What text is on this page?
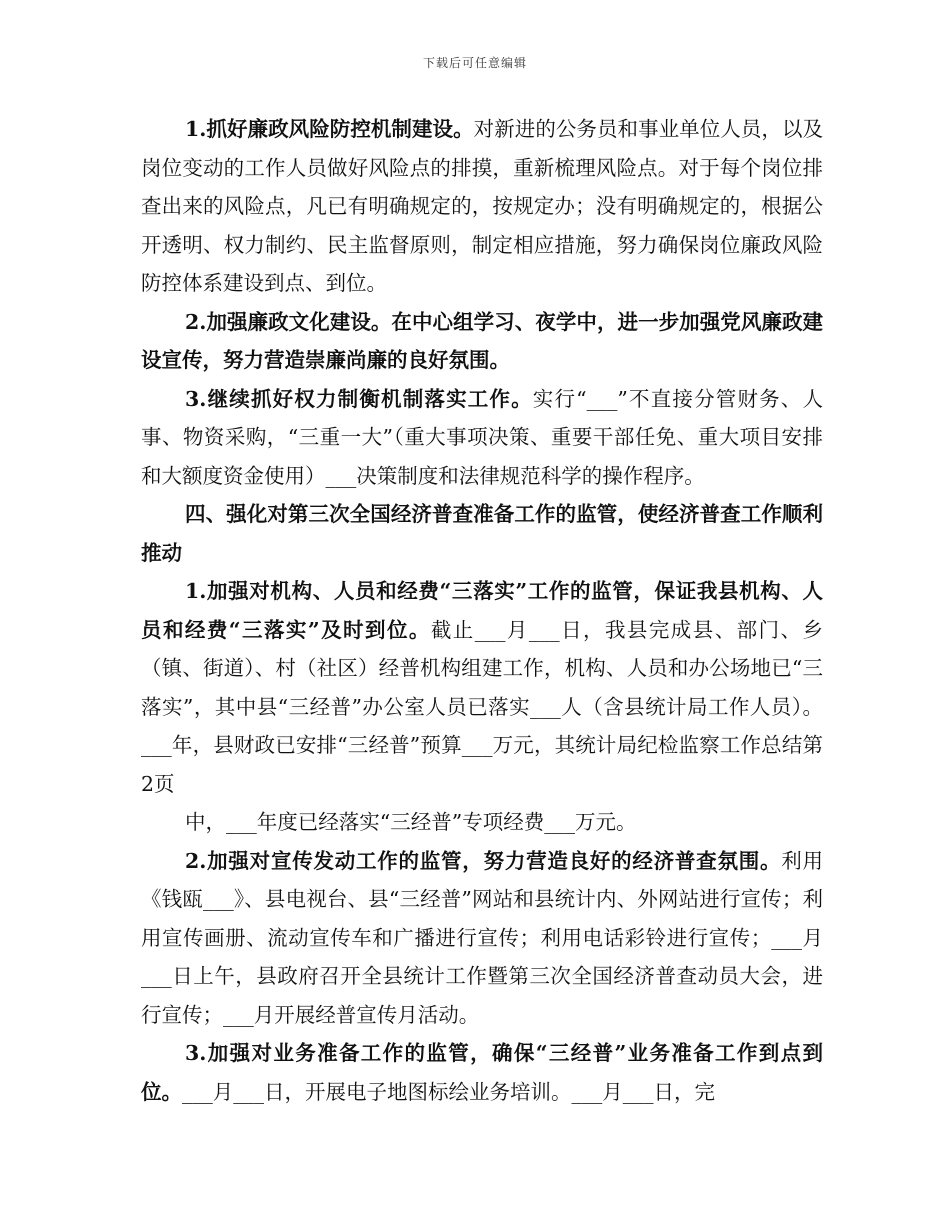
下载后可任意编辑

1.抓好廉政风险防控机制建设。对新进的公务员和事业单位人员，以及岗位变动的工作人员做好风险点的排摸，重新梳理风险点。对于每个岗位排查出来的风险点，凡已有明确规定的，按规定办；没有明确规定的，根据公开透明、权力制约、民主监督原则，制定相应措施，努力确保岗位廉政风险防控体系建设到点、到位。

2.加强廉政文化建设。在中心组学习、夜学中，进一步加强党风廉政建设宣传，努力营造崇廉尚廉的良好氛围。

3.继续抓好权力制衡机制落实工作。实行“___”不直接分管财务、人事、物资采购，“三重一大”（重大事项决策、重要干部任免、重大项目安排和大额度资金使用）___决策制度和法律规范科学的操作程序。

四、强化对第三次全国经济普查准备工作的监管，使经济普查工作顺利推动

1.加强对机构、人员和经费“三落实”工作的监管，保证我县机构、人员和经费“三落实”及时到位。截止___月___日，我县完成县、部门、乡（镇、街道）、村（社区）经普机构组建工作，机构、人员和办公场地已“三落实”，其中县“三经普”办公室人员已落实___人（含县统计局工作人员）。___年，县财政已安排“三经普”预算___万元，其统计局纪检监察工作总结第2页

中，___年度已经落实“三经普”专项经费___万元。

2.加强对宣传发动工作的监管，努力营造良好的经济普查氛围。利用《钱瓯___》、县电视台、县“三经普”网站和县统计内、外网站进行宣传；利用宣传画册、流动宣传车和广播进行宣传；利用电话彩铃进行宣传；___月___日上午，县政府召开全县统计工作暨第三次全国经济普查动员大会，进行宣传；___月开展经普宣传月活动。

3.加强对业务准备工作的监管，确保“三经普”业务准备工作到点到位。___月___日，开展电子地图标绘业务培训。___月___日，完
